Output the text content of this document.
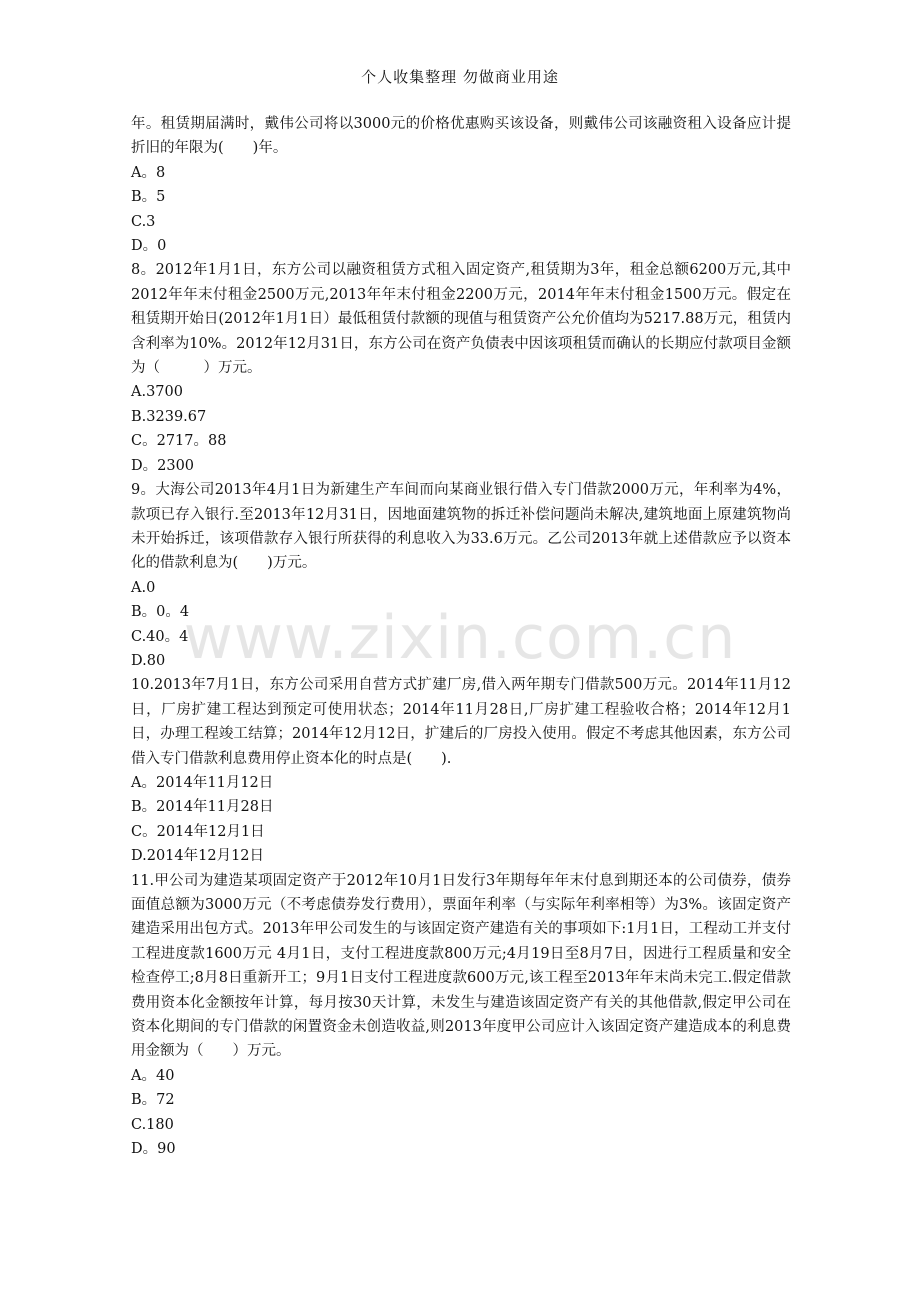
个人收集整理 勿做商业用途
www.zixin.com.cn

年。租赁期届满时，戴伟公司将以3000元的价格优惠购买该设备，则戴伟公司该融资租入设备应计提折旧的年限为(　　)年。

A。8
B。5
C.3
D。0

8。2012年1月1日，东方公司以融资租赁方式租入固定资产,租赁期为3年，租金总额6200万元,其中2012年年末付租金2500万元,2013年年末付租金2200万元，2014年年末付租金1500万元。假定在租赁期开始日(2012年1月1日）最低租赁付款额的现值与租赁资产公允价值均为5217.88万元，租赁内含利率为10%。2012年12月31日，东方公司在资产负债表中因该项租赁而确认的长期应付款项目金额为（　　　）万元。

A.3700
B.3239.67
C。2717。88
D。2300

9。大海公司2013年4月1日为新建生产车间而向某商业银行借入专门借款2000万元，年利率为4%，款项已存入银行.至2013年12月31日，因地面建筑物的拆迁补偿问题尚未解决,建筑地面上原建筑物尚未开始拆迁，该项借款存入银行所获得的利息收入为33.6万元。乙公司2013年就上述借款应予以资本化的借款利息为(　　)万元。

A.0
B。0。4
C.40。4
D.80

10.2013年7月1日，东方公司采用自营方式扩建厂房,借入两年期专门借款500万元。2014年11月12日，厂房扩建工程达到预定可使用状态；2014年11月28日,厂房扩建工程验收合格；2014年12月1日，办理工程竣工结算；2014年12月12日，扩建后的厂房投入使用。假定不考虑其他因素，东方公司借入专门借款利息费用停止资本化的时点是(　　).

A。2014年11月12日
B。2014年11月28日
C。2014年12月1日
D.2014年12月12日

11.甲公司为建造某项固定资产于2012年10月1日发行3年期每年年末付息到期还本的公司债券，债券面值总额为3000万元（不考虑债券发行费用），票面年利率（与实际年利率相等）为3%。该固定资产建造采用出包方式。2013年甲公司发生的与该固定资产建造有关的事项如下:1月1日，工程动工并支付工程进度款1600万元 4月1日，支付工程进度款800万元;4月19日至8月7日，因进行工程质量和安全检查停工;8月8日重新开工；9月1日支付工程进度款600万元,该工程至2013年年末尚未完工.假定借款费用资本化金额按年计算，每月按30天计算，未发生与建造该固定资产有关的其他借款,假定甲公司在资本化期间的专门借款的闲置资金未创造收益,则2013年度甲公司应计入该固定资产建造成本的利息费用金额为（　　）万元。

A。40
B。72
C.180
D。90
